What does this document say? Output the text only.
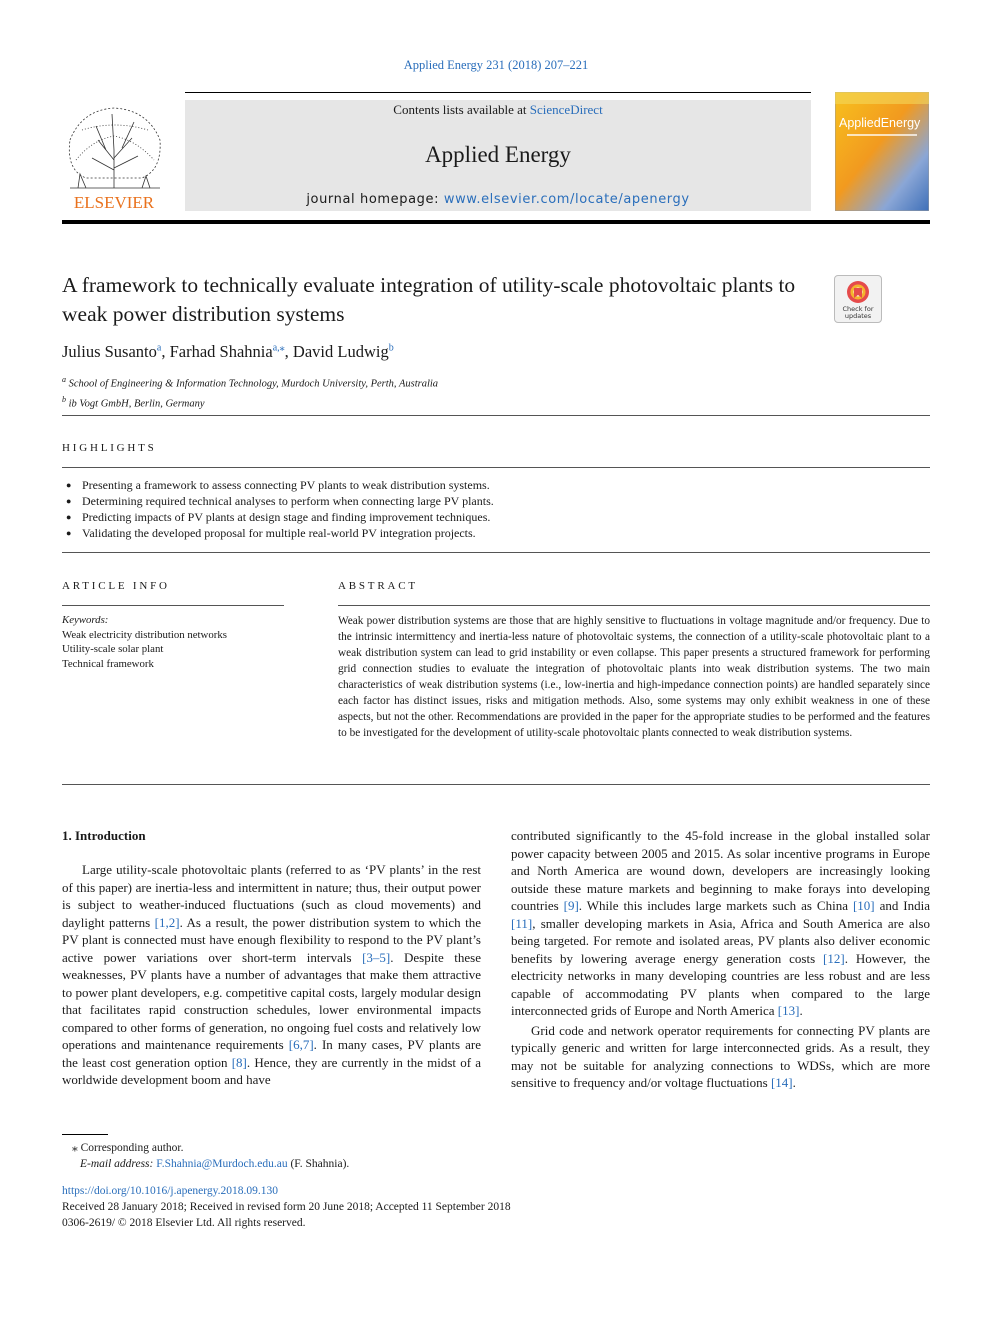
Applied Energy 231 (2018) 207–221
ELSEVIER
Contents lists available at ScienceDirect
Applied Energy
journal homepage: www.elsevier.com/locate/apenergy
AppliedEnergy
A framework to technically evaluate integration of utility-scale photovoltaic plants to weak power distribution systems	Check for
updates
Julius Susanto$^a$, Farhad Shahnia$^{a,⁎}$, David Ludwig$^b$
$^a$ School of Engineering & Information Technology, Murdoch University, Perth, Australia
$^b$ ib Vogt GmbH, Berlin, Germany
HIGHLIGHTS
● Presenting a framework to assess connecting PV plants to weak distribution systems.
● Determining required technical analyses to perform when connecting large PV plants.
● Predicting impacts of PV plants at design stage and finding improvement techniques.
● Validating the developed proposal for multiple real-world PV integration projects.
ARTICLE INFO	ABSTRACT
Keywords:
Weak electricity distribution networks
Utility-scale solar plant
Technical framework
Weak power distribution systems are those that are highly sensitive to fluctuations in voltage magnitude and/or frequency. Due to the intrinsic intermittency and inertia-less nature of photovoltaic systems, the connection of a utility-scale photovoltaic plant to a weak distribution system can lead to grid instability or even collapse. This paper presents a structured framework for performing grid connection studies to evaluate the integration of photovoltaic plants into weak distribution systems. The two main characteristics of weak distribution systems (i.e., low-inertia and high-impedance connection points) are handled separately since each factor has distinct issues, risks and mitigation methods. Also, some systems may only exhibit weakness in one of these aspects, but not the other. Recommendations are provided in the paper for the appropriate studies to be performed and the features to be investigated for the development of utility-scale photovoltaic plants connected to weak distribution systems.
1. Introduction

Large utility-scale photovoltaic plants (referred to as ‘PV plants’ in the rest of this paper) are inertia-less and intermittent in nature; thus, their output power is subject to weather-induced fluctuations (such as cloud movements) and daylight patterns [1,2]. As a result, the power distribution system to which the PV plant is connected must have enough flexibility to respond to the PV plant’s active power variations over short-term intervals [3–5]. Despite these weaknesses, PV plants have a number of advantages that make them attractive to power plant developers, e.g. competitive capital costs, largely modular design that facilitates rapid construction schedules, lower environmental impacts compared to other forms of generation, no ongoing fuel costs and relatively low operations and maintenance requirements [6,7]. In many cases, PV plants are the least cost generation option [8]. Hence, they are currently in the midst of a worldwide development boom and have

contributed significantly to the 45-fold increase in the global installed solar power capacity between 2005 and 2015. As solar incentive programs in Europe and North America are wound down, developers are increasingly looking outside these mature markets and beginning to make forays into developing countries [9]. While this includes large markets such as China [10] and India [11], smaller developing markets in Asia, Africa and South America are also being targeted. For remote and isolated areas, PV plants also deliver economic benefits by lowering average energy generation costs [12]. However, the electricity networks in many developing countries are less robust and are less capable of accommodating PV plants when compared to the large interconnected grids of Europe and North America [13].

Grid code and network operator requirements for connecting PV plants are typically generic and written for large interconnected grids. As a result, they may not be suitable for analyzing connections to WDSs, which are more sensitive to frequency and/or voltage fluctuations [14].

⁎ Corresponding author.
E-mail address: F.Shahnia@Murdoch.edu.au (F. Shahnia).
https://doi.org/10.1016/j.apenergy.2018.09.130
Received 28 January 2018; Received in revised form 20 June 2018; Accepted 11 September 2018
0306-2619/ © 2018 Elsevier Ltd. All rights reserved.
